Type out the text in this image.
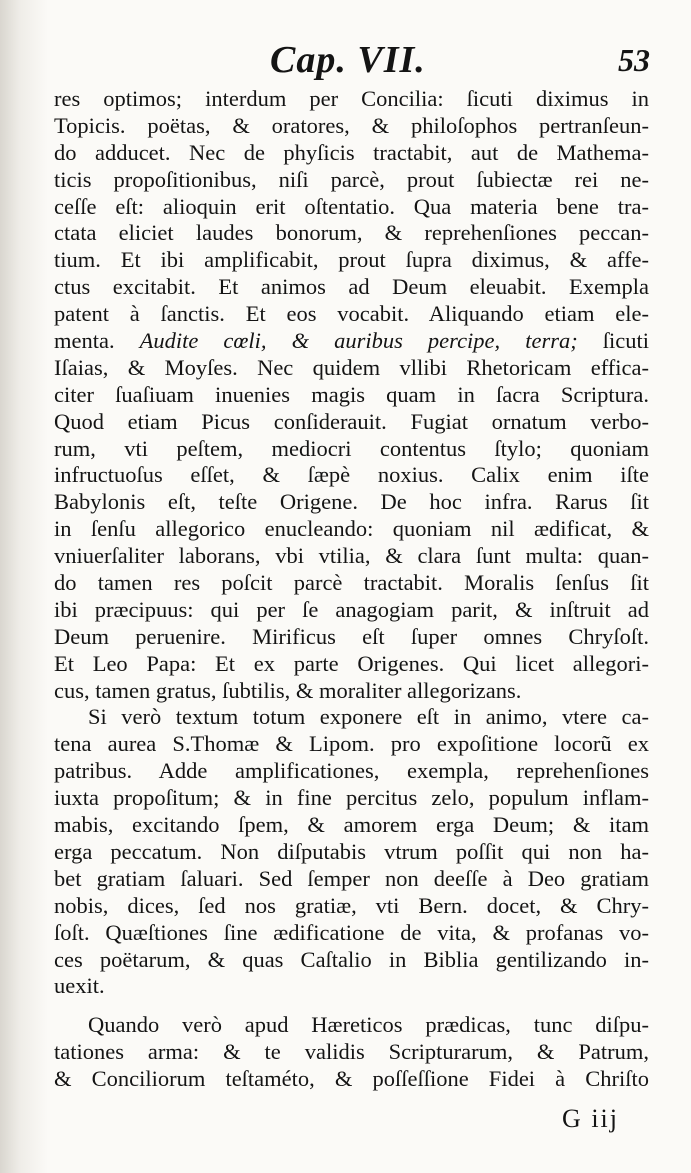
Cap. VII.	53
res optimos; interdum per Concilia: ſicuti diximus in
Topicis. poëtas, & oratores, & philoſophos pertranſeun-
do adducet. Nec de phyſicis tractabit, aut de Mathema-
ticis propoſitionibus, niſi parcè, prout ſubiectæ rei ne-
ceſſe eſt: alioquin erit oſtentatio. Qua materia bene tra-
ctata eliciet laudes bonorum, & reprehenſiones peccan-
tium. Et ibi amplificabit, prout ſupra diximus, & affe-
ctus excitabit. Et animos ad Deum eleuabit. Exempla
patent à ſanctis. Et eos vocabit. Aliquando etiam ele-
menta. Audite cœli, & auribus percipe, terra; ſicuti
Iſaias, & Moyſes. Nec quidem vllibi Rhetoricam effica-
citer ſuaſiuam inuenies magis quam in ſacra Scriptura.
Quod etiam Picus conſiderauit. Fugiat ornatum verbo-
rum, vti peſtem, mediocri contentus ſtylo; quoniam
infructuoſus eſſet, & ſæpè noxius. Calix enim iſte
Babylonis eſt, teſte Origene. De hoc infra. Rarus ſit
in ſenſu allegorico enucleando: quoniam nil ædificat, &
vniuerſaliter laborans, vbi vtilia, & clara ſunt multa: quan-
do tamen res poſcit parcè tractabit. Moralis ſenſus ſit
ibi præcipuus: qui per ſe anagogiam parit, & inſtruit ad
Deum peruenire. Mirificus eſt ſuper omnes Chryſoſt.
Et Leo Papa: Et ex parte Origenes. Qui licet allegori-
cus, tamen gratus, ſubtilis, & moraliter allegorizans.
Si verò textum totum exponere eſt in animo, vtere ca-
tena aurea S.Thomæ & Lipom. pro expoſitione locorũ ex
patribus. Adde amplificationes, exempla, reprehenſiones
iuxta propoſitum; & in fine percitus zelo, populum inflam-
mabis, excitando ſpem, & amorem erga Deum; & itam
erga peccatum. Non diſputabis vtrum poſſit qui non ha-
bet gratiam ſaluari. Sed ſemper non deeſſe à Deo gratiam
nobis, dices, ſed nos gratiæ, vti Bern. docet, & Chry-
ſoſt. Quæſtiones ſine ædificatione de vita, & profanas vo-
ces poëtarum, & quas Caſtalio in Biblia gentilizando in-
uexit.
Quando verò apud Hæreticos prædicas, tunc diſpu-
tationes arma: & te validis Scripturarum, & Patrum,
& Conciliorum teſtaméto, & poſſeſſione Fidei à Chriſto
G iij
